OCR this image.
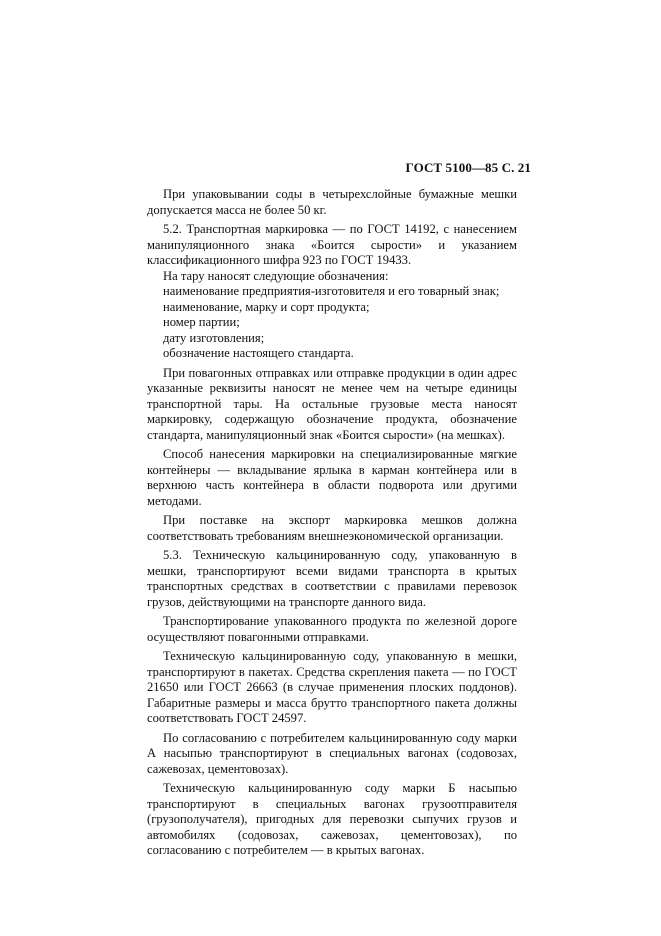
ГОСТ 5100—85 С. 21

При упаковывании соды в четырехслойные бумажные мешки допускается масса не более 50 кг.

5.2. Транспортная маркировка — по ГОСТ 14192, с нанесением манипуляционного знака «Боится сырости» и указанием классификационного шифра 923 по ГОСТ 19433.

На тару наносят следующие обозначения:

наименование предприятия-изготовителя и его товарный знак;

наименование, марку и сорт продукта;

номер партии;

дату изготовления;

обозначение настоящего стандарта.

При повагонных отправках или отправке продукции в один адрес указанные реквизиты наносят не менее чем на четыре единицы транспортной тары. На остальные грузовые места наносят маркировку, содержащую обозначение продукта, обозначение стандарта, манипуляционный знак «Боится сырости» (на мешках).

Способ нанесения маркировки на специализированные мягкие контейнеры — вкладывание ярлыка в карман контейнера или в верхнюю часть контейнера в области подворота или другими методами.

При поставке на экспорт маркировка мешков должна соответствовать требованиям внешнеэкономической организации.

5.3. Техническую кальцинированную соду, упакованную в мешки, транспортируют всеми видами транспорта в крытых транспортных средствах в соответствии с правилами перевозок грузов, действующими на транспорте данного вида.

Транспортирование упакованного продукта по железной дороге осуществляют повагонными отправками.

Техническую кальцинированную соду, упакованную в мешки, транспортируют в пакетах. Средства скрепления пакета — по ГОСТ 21650 или ГОСТ 26663 (в случае применения плоских поддонов). Габаритные размеры и масса брутто транспортного пакета должны соответствовать ГОСТ 24597.

По согласованию с потребителем кальцинированную соду марки А насыпью транспортируют в специальных вагонах (содовозах, сажевозах, цементовозах).

Техническую кальцинированную соду марки Б насыпью транспортируют в специальных вагонах грузоотправителя (грузополучателя), пригодных для перевозки сыпучих грузов и автомобилях (содовозах, сажевозах, цементовозах), по согласованию с потребителем — в крытых вагонах.
